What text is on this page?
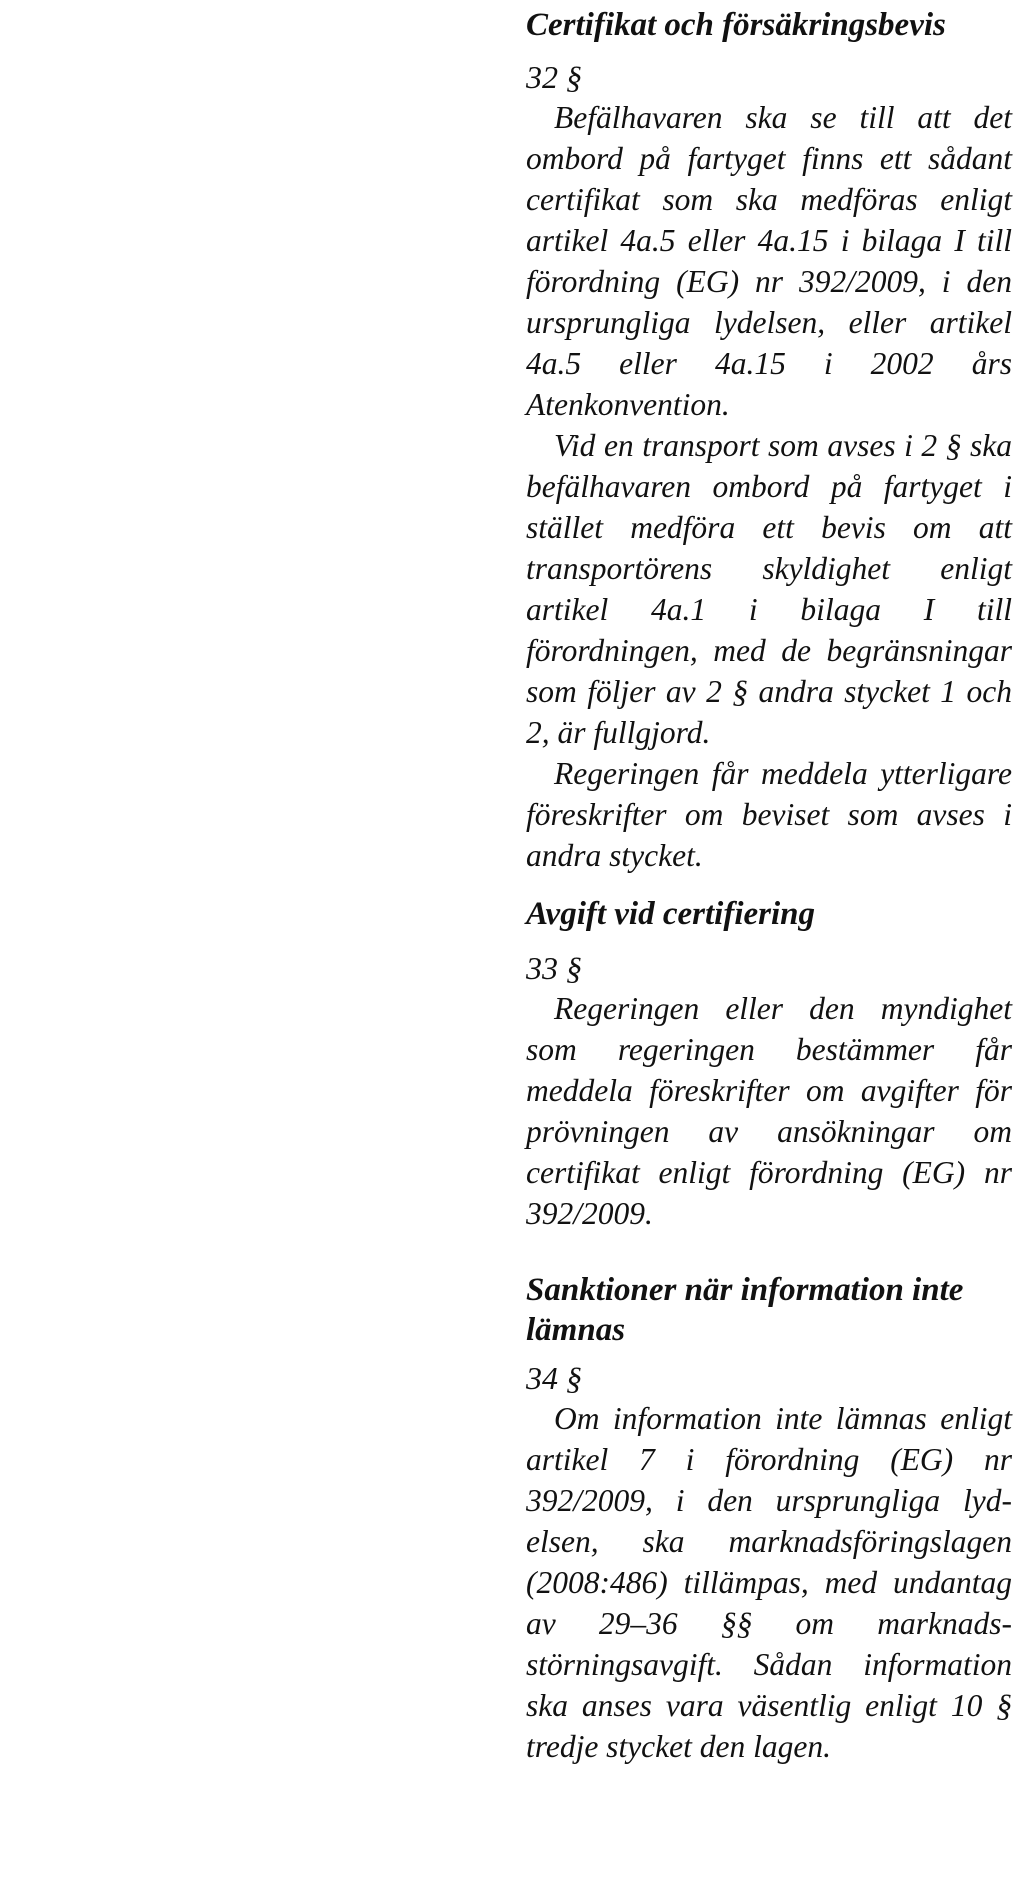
Certifikat och försäkringsbevis

32 §

Befälhavaren ska se till att det ombord på fartyget finns ett sådant certifikat som ska medföras enligt artikel 4a.5 eller 4a.15 i bilaga I till förordning (EG) nr 392/2009, i den ursprungliga lydelsen, eller artikel 4a.5 eller 4a.15 i 2002 års Atenkonvention.

Vid en transport som avses i 2 § ska befälhavaren ombord på fartyget i stället medföra ett bevis om att transportörens skyldighet enligt artikel 4a.1 i bilaga I till förordningen, med de begränsningar som följer av 2 § andra stycket 1 och 2, är fullgjord.

Regeringen får meddela ytterligare föreskrifter om beviset som avses i andra stycket.

Avgift vid certifiering

33 §

Regeringen eller den myndighet som regeringen bestämmer får meddela föreskrifter om avgifter för prövningen av ansökningar om certifikat enligt förordning (EG) nr 392/2009.

Sanktioner när information inte lämnas

34 §

Om information inte lämnas enligt artikel 7 i förordning (EG) nr 392/2009, i den ursprungliga lydelsen, ska marknadsföringslagen (2008:486) tillämpas, med undantag av 29–36 §§ om marknadsstörningsavgift. Sådan information ska anses vara väsentlig enligt 10 § tredje stycket den lagen.
